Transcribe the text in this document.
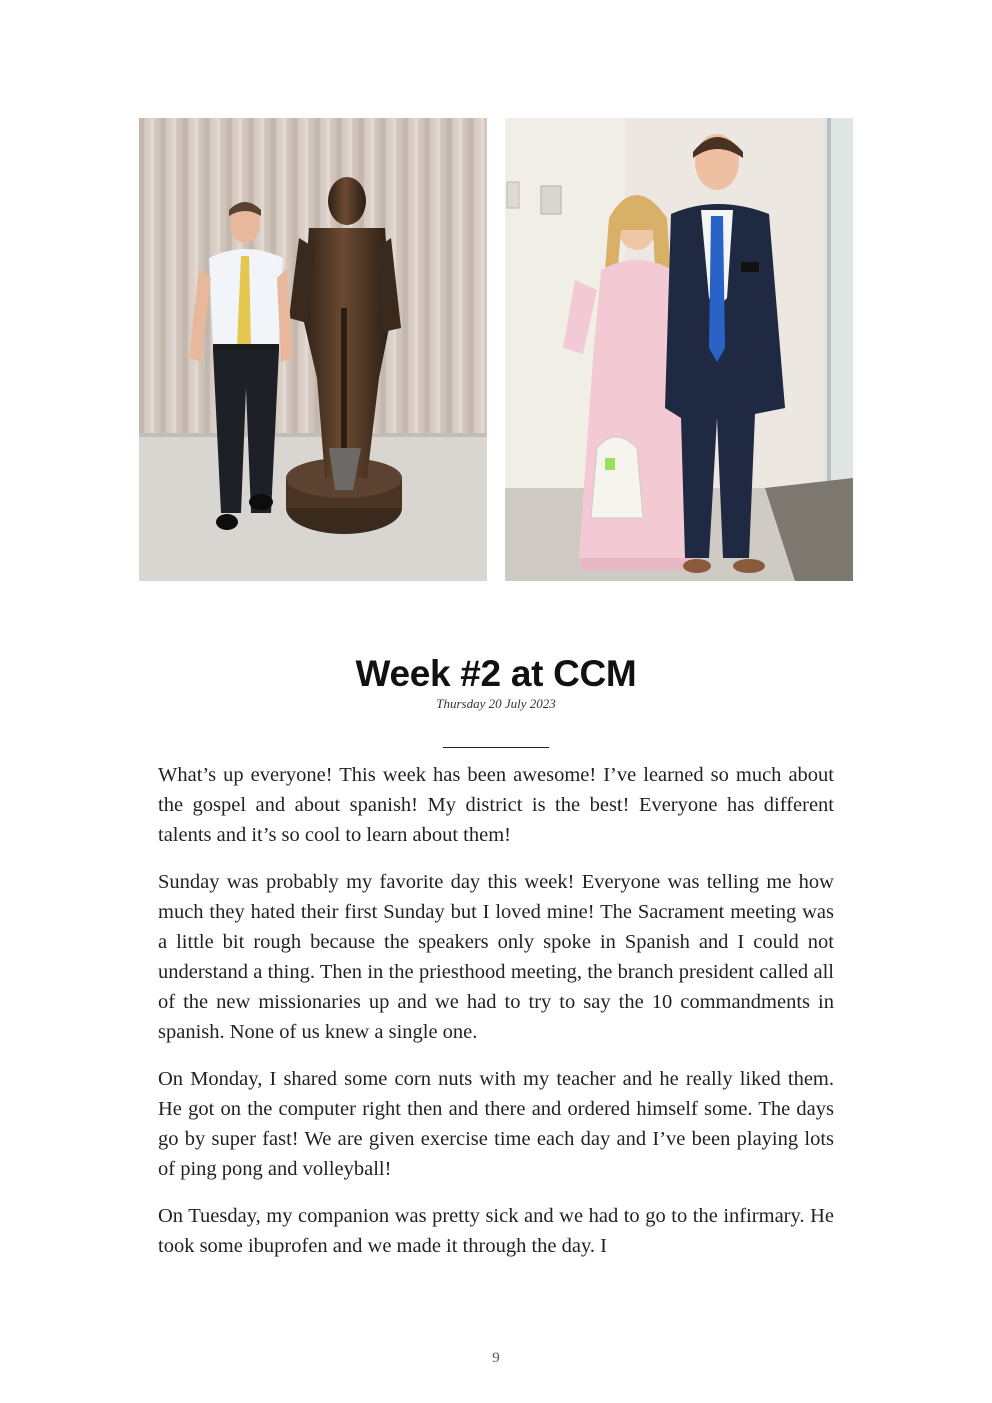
Week #2 at CCM
Thursday 20 July 2023

What’s up everyone! This week has been awesome! I’ve learned so much about the gospel and about spanish! My district is the best! Everyone has different talents and it’s so cool to learn about them!

Sunday was probably my favorite day this week! Everyone was telling me how much they hated their first Sunday but I loved mine! The Sacrament meeting was a little bit rough because the speakers only spoke in Spanish and I could not understand a thing. Then in the priesthood meeting, the branch president called all of the new missionaries up and we had to try to say the 10 commandments in spanish. None of us knew a single one.

On Monday, I shared some corn nuts with my teacher and he really liked them. He got on the computer right then and there and ordered himself some. The days go by super fast! We are given exercise time each day and I’ve been playing lots of ping pong and volleyball!

On Tuesday, my companion was pretty sick and we had to go to the infirmary. He took some ibuprofen and we made it through the day. I

9
